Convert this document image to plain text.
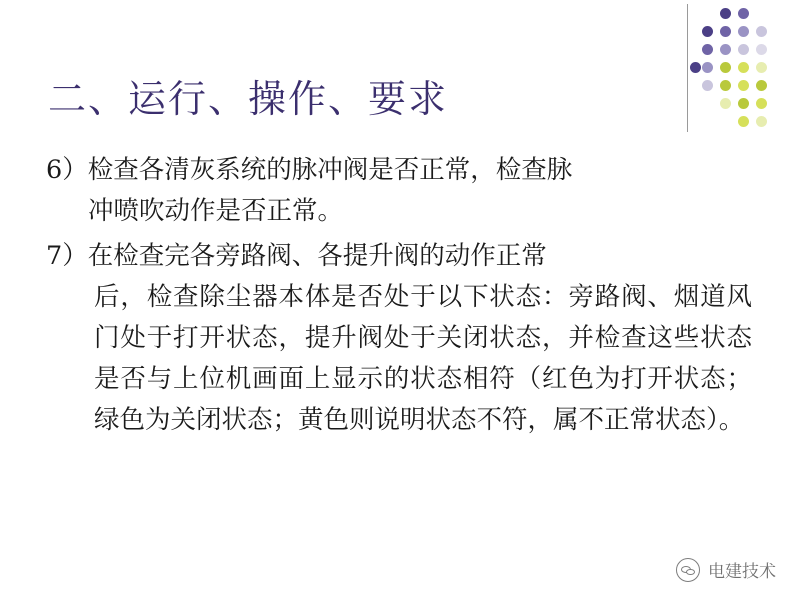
二、运行、操作、要求
6）检查各清灰系统的脉冲阀是否正常，检查脉
冲喷吹动作是否正常。
7）在检查完各旁路阀、各提升阀的动作正常
后，检查除尘器本体是否处于以下状态：旁路阀、烟道风门处于打开状态，提升阀处于关闭状态，并检查这些状态是否与上位机画面上显示的状态相符（红色为打开状态；绿色为关闭状态；黄色则说明状态不符，属不正常状态）。
电建技术
